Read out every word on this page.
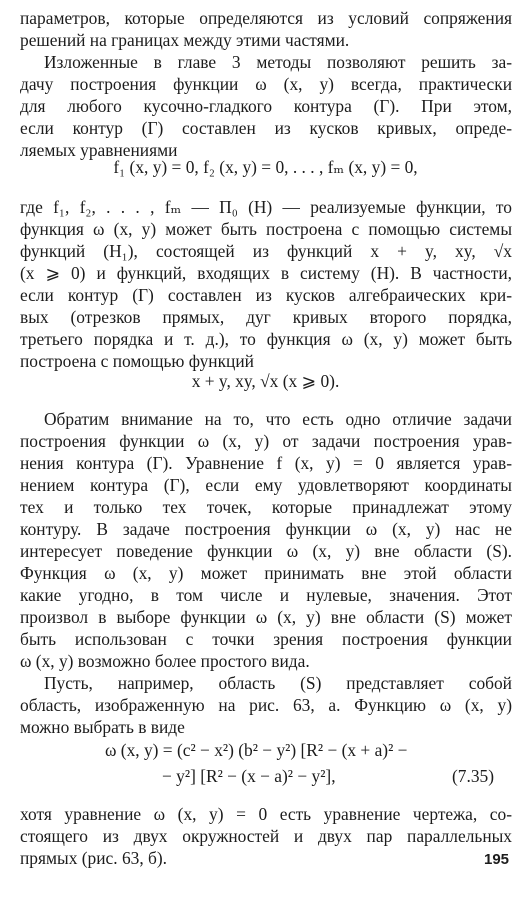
параметров, которые определяются из условий сопряжения
решений на границах между этими частями.
Изложенные в главе 3 методы позволяют решить за-
дачу построения функции ω (x, y) всегда, практически
для любого кусочно-гладкого контура (Γ). При этом,
если контур (Γ) составлен из кусков кривых, опреде-
ляемых уравнениями
f₁ (x, y) = 0, f₂ (x, y) = 0, . . . , fₘ (x, y) = 0,
где f₁, f₂, . . . , fₘ — Π₀ (H) — реализуемые функции, то
функция ω (x, y) может быть построена с помощью системы
функций (H₁), состоящей из функций x + y, xy, √x
(x ⩾ 0) и функций, входящих в систему (H). В частности,
если контур (Γ) составлен из кусков алгебраических кри-
вых (отрезков прямых, дуг кривых второго порядка,
третьего порядка и т. д.), то функция ω (x, y) может быть
построена с помощью функций
x + y, xy, √x (x ⩾ 0).
Обратим внимание на то, что есть одно отличие задачи
построения функции ω (x, y) от задачи построения урав-
нения контура (Γ). Уравнение f (x, y) = 0 является урав-
нением контура (Γ), если ему удовлетворяют координаты
тех и только тех точек, которые принадлежат этому
контуру. В задаче построения функции ω (x, y) нас не
интересует поведение функции ω (x, y) вне области (S).
Функция ω (x, y) может принимать вне этой области
какие угодно, в том числе и нулевые, значения. Этот
произвол в выборе функции ω (x, y) вне области (S) может
быть использован с точки зрения построения функции
ω (x, y) возможно более простого вида.
Пусть, например, область (S) представляет собой
область, изображенную на рис. 63, а. Функцию ω (x, y)
можно выбрать в виде
ω (x, y) = (c² − x²) (b² − y²) [R² − (x + a)² −
− y²] [R² − (x − a)² − y²],	(7.35)
хотя уравнение ω (x, y) = 0 есть уравнение чертежа, со-
стоящего из двух окружностей и двух пар параллельных
прямых (рис. 63, б).	195
